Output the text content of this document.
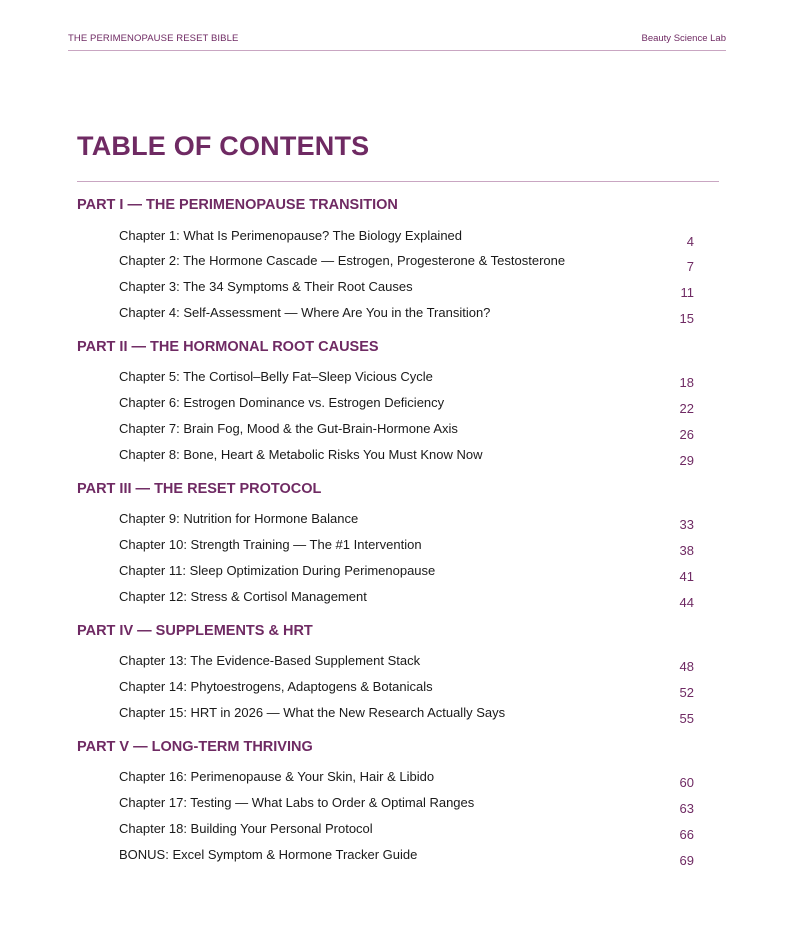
THE PERIMENOPAUSE RESET BIBLE	Beauty Science Lab
TABLE OF CONTENTS
PART I — THE PERIMENOPAUSE TRANSITION
Chapter 1: What Is Perimenopause? The Biology Explained	4
Chapter 2: The Hormone Cascade — Estrogen, Progesterone & Testosterone	7
Chapter 3: The 34 Symptoms & Their Root Causes	11
Chapter 4: Self-Assessment — Where Are You in the Transition?	15
PART II — THE HORMONAL ROOT CAUSES
Chapter 5: The Cortisol–Belly Fat–Sleep Vicious Cycle	18
Chapter 6: Estrogen Dominance vs. Estrogen Deficiency	22
Chapter 7: Brain Fog, Mood & the Gut-Brain-Hormone Axis	26
Chapter 8: Bone, Heart & Metabolic Risks You Must Know Now	29
PART III — THE RESET PROTOCOL
Chapter 9: Nutrition for Hormone Balance	33
Chapter 10: Strength Training — The #1 Intervention	38
Chapter 11: Sleep Optimization During Perimenopause	41
Chapter 12: Stress & Cortisol Management	44
PART IV — SUPPLEMENTS & HRT
Chapter 13: The Evidence-Based Supplement Stack	48
Chapter 14: Phytoestrogens, Adaptogens & Botanicals	52
Chapter 15: HRT in 2026 — What the New Research Actually Says	55
PART V — LONG-TERM THRIVING
Chapter 16: Perimenopause & Your Skin, Hair & Libido	60
Chapter 17: Testing — What Labs to Order & Optimal Ranges	63
Chapter 18: Building Your Personal Protocol	66
BONUS: Excel Symptom & Hormone Tracker Guide	69
